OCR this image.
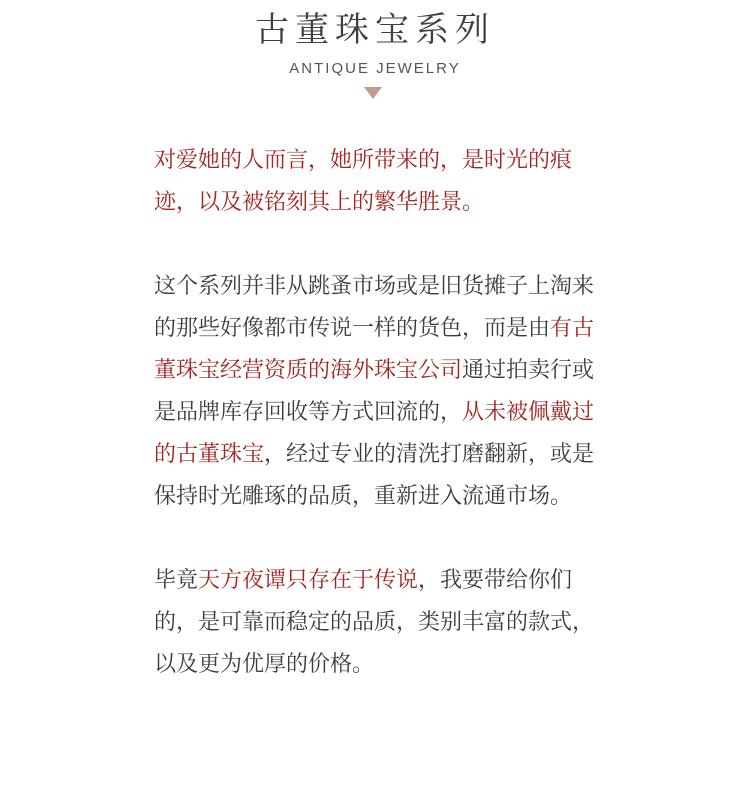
古董珠宝系列
ANTIQUE JEWELRY

对爱她的人而言，她所带来的，是时光的痕迹，以及被铭刻其上的繁华胜景。

这个系列并非从跳蚤市场或是旧货摊子上淘来的那些好像都市传说一样的货色，而是由有古董珠宝经营资质的海外珠宝公司通过拍卖行或是品牌库存回收等方式回流的，从未被佩戴过的古董珠宝，经过专业的清洗打磨翻新，或是保持时光雕琢的品质，重新进入流通市场。

毕竟天方夜谭只存在于传说，我要带给你们的，是可靠而稳定的品质，类别丰富的款式，以及更为优厚的价格。
